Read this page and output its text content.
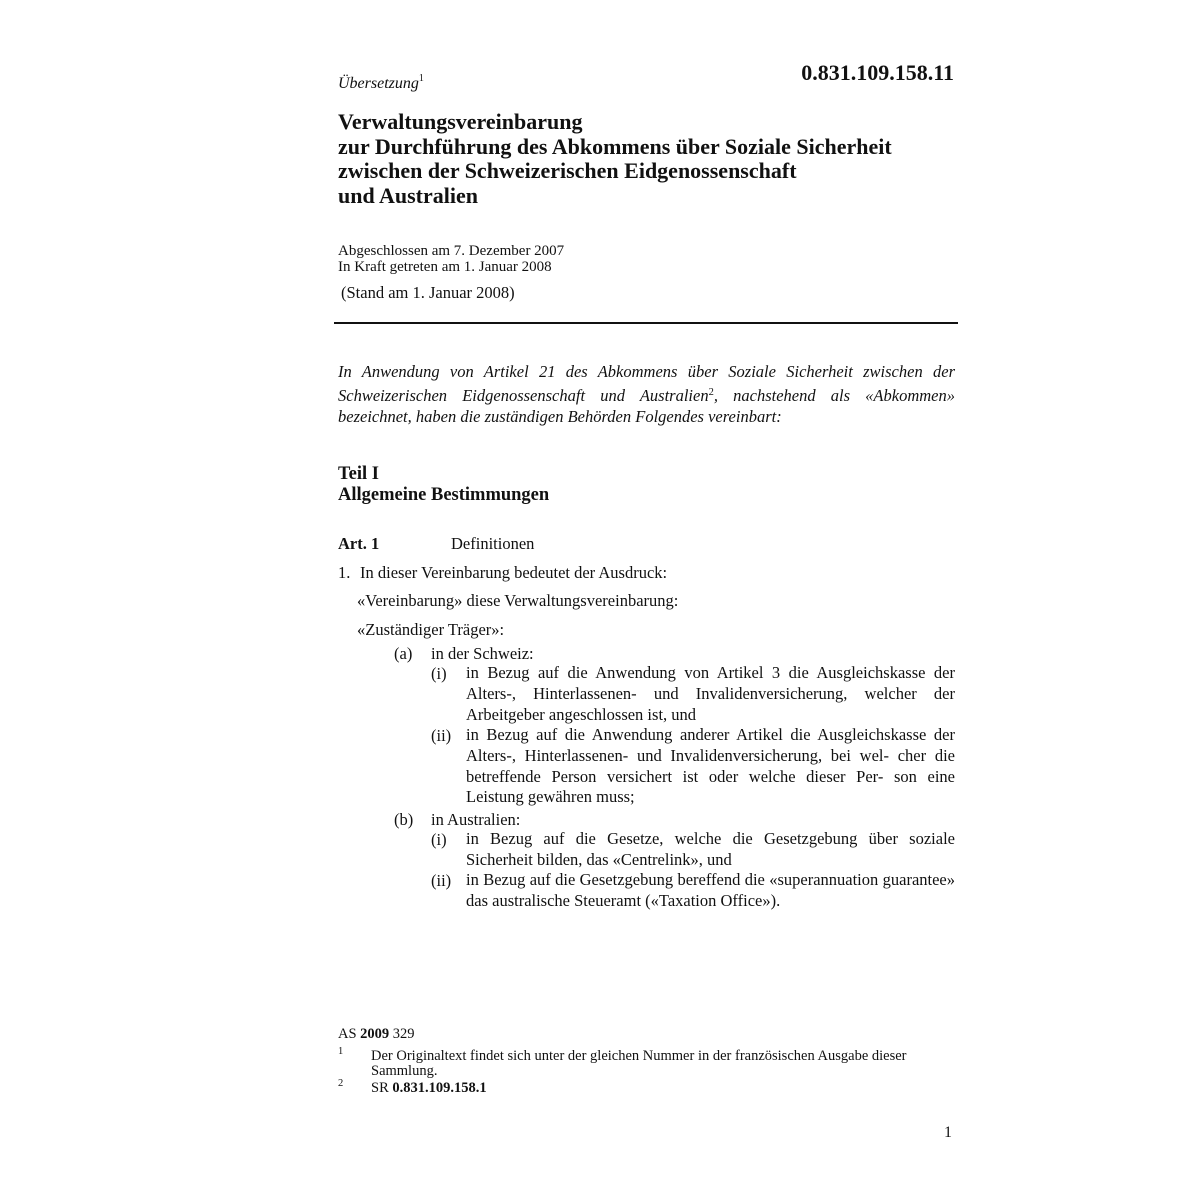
Übersetzung$^1$	0.831.109.158.11
Verwaltungsvereinbarung
zur Durchführung des Abkommens über Soziale Sicherheit
zwischen der Schweizerischen Eidgenossenschaft
und Australien
Abgeschlossen am 7. Dezember 2007
In Kraft getreten am 1. Januar 2008
(Stand am 1. Januar 2008)
In Anwendung von Artikel 21 des Abkommens über Soziale Sicherheit zwischen der Schweizerischen Eidgenossenschaft und Australien$^2$, nachstehend als «Abkommen» bezeichnet, haben die zuständigen Behörden Folgendes vereinbart:
Teil I
Allgemeine Bestimmungen
Art. 1	Definitionen
1. In dieser Vereinbarung bedeutet der Ausdruck:
«Vereinbarung» diese Verwaltungsvereinbarung:
«Zuständiger Träger»:
(a) in der Schweiz:
(i) in Bezug auf die Anwendung von Artikel 3 die Ausgleichskasse der Alters-, Hinterlassenen- und Invalidenversicherung, welcher der Arbeitgeber angeschlossen ist, und
(ii) in Bezug auf die Anwendung anderer Artikel die Ausgleichskasse der Alters-, Hinterlassenen- und Invalidenversicherung, bei wel- cher die betreffende Person versichert ist oder welche dieser Per- son eine Leistung gewähren muss;
(b) in Australien:
(i) in Bezug auf die Gesetze, welche die Gesetzgebung über soziale Sicherheit bilden, das «Centrelink», und
(ii) in Bezug auf die Gesetzgebung bereffend die «superannuation guarantee» das australische Steueramt («Taxation Office»).
AS 2009 329
1 Der Originaltext findet sich unter der gleichen Nummer in der französischen Ausgabe dieser Sammlung.
2 SR 0.831.109.158.1
1
